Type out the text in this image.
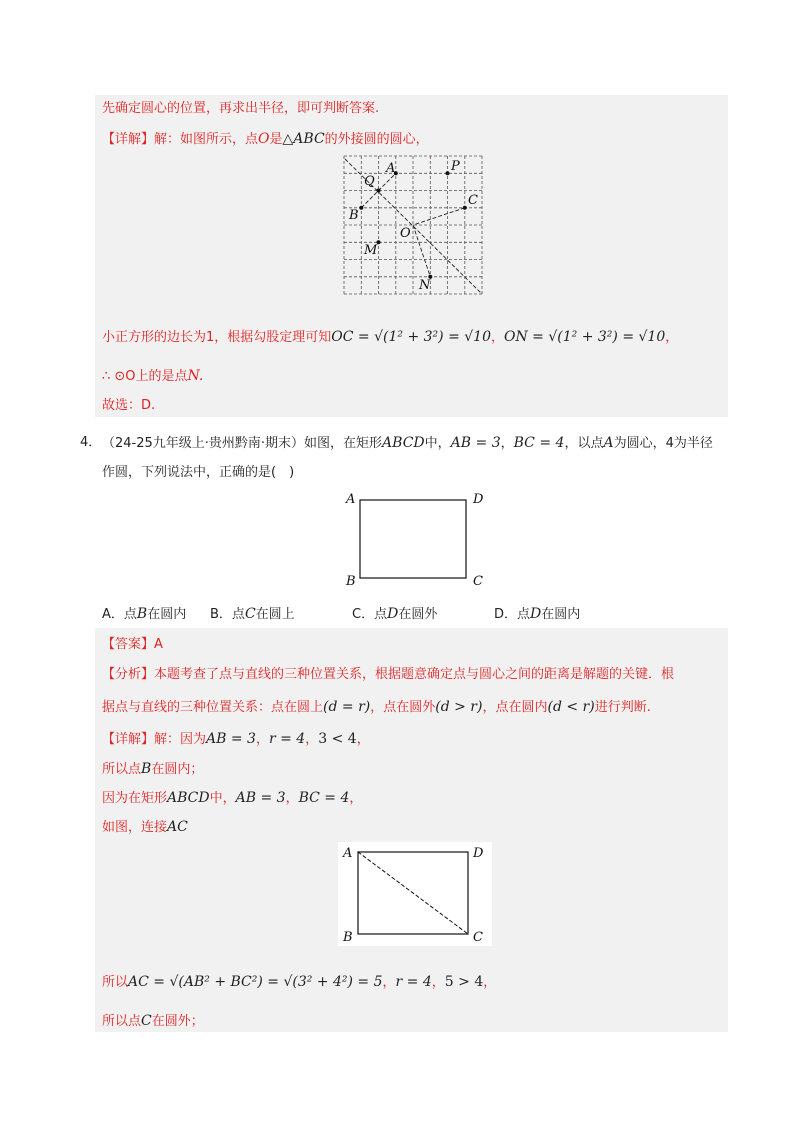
先确定圆心的位置，再求出半径，即可判断答案.
【详解】解：如图所示，点O是△ABC的外接圆的圆心，
A	P
Q
C
B
O
M
N
小正方形的边长为1，根据勾股定理可知OC = √(1² + 3²) = √10，ON = √(1² + 3²) = √10，
∴ ⊙O上的是点N.
故选：D.
4． （24-25九年级上·贵州黔南·期末）如图，在矩形ABCD中，AB = 3，BC = 4，以点A为圆心，4为半径
作圆，下列说法中，正确的是(　)
A	D
B	C
A．点B在圆内 B．点C在圆上	C．点D在圆外	D．点D在圆内
【答案】A
【分析】本题考查了点与直线的三种位置关系，根据题意确定点与圆心之间的距离是解题的关键．根
据点与直线的三种位置关系：点在圆上(d = r)，点在圆外(d > r)，点在圆内(d < r)进行判断.
【详解】解：因为AB = 3，r = 4，3 < 4，
所以点B在圆内；
因为在矩形ABCD中，AB = 3，BC = 4，
如图，连接AC
A	D
B	C
所以AC = √(AB² + BC²) = √(3² + 4²) = 5，r = 4，5 > 4，
所以点C在圆外；
